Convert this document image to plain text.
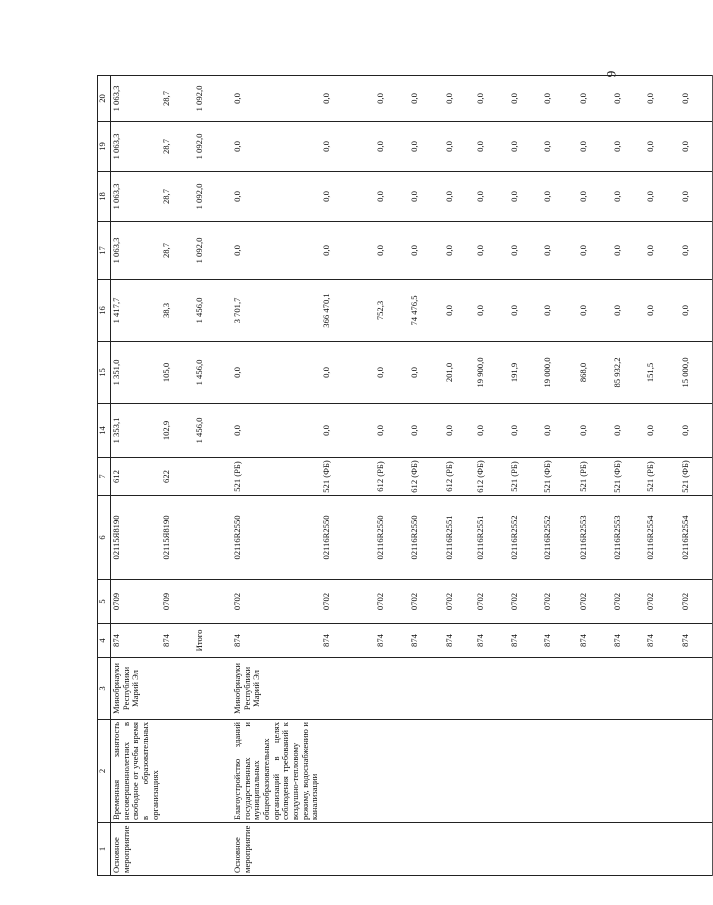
9
1	2	3	4	5	6	7	14	15	16	17	18	19	20
Основное мероприятие	Временная занятость несовершеннолетних в свободное от учебы время в образовательных организациях	Минобрнауки Республики Марий Эл	874	0709	02115Я8190	612	1 353,1	1 351,0	1 417,7	1 063,3	1 063,3	1 063,3	1 063,3
			874	0709	02115Я8190	622	102,9	105,0	38,3	28,7	28,7	28,7	28,7
			Итого				1 456,0	1 456,0	1 456,0	1 092,0	1 092,0	1 092,0	1 092,0
Основное мероприятие	Благоустройство зданий государственных и муниципальных общеобразовательных организаций в целях соблюдения требований к воздушно-тепловому режиму, водоснабжению и канализации	Минобрнауки Республики Марий Эл	874	0702	02116R2550	521 (РБ)	0,0	0,0	3 701,7	0,0	0,0	0,0	0,0
			874	0702	02116R2550	521 (ФБ)	0,0	0,0	366 470,1	0,0	0,0	0,0	0,0
			874	0702	02116R2550	612 (РБ)	0,0	0,0	752,3	0,0	0,0	0,0	0,0
			874	0702	02116R2550	612 (ФБ)	0,0	0,0	74 476,5	0,0	0,0	0,0	0,0
			874	0702	02116R2551	612 (РБ)	0,0	201,0	0,0	0,0	0,0	0,0	0,0
			874	0702	02116R2551	612 (ФБ)	0,0	19 900,0	0,0	0,0	0,0	0,0	0,0
			874	0702	02116R2552	521 (РБ)	0,0	191,9	0,0	0,0	0,0	0,0	0,0
			874	0702	02116R2552	521 (ФБ)	0,0	19 000,0	0,0	0,0	0,0	0,0	0,0
			874	0702	02116R2553	521 (РБ)	0,0	868,0	0,0	0,0	0,0	0,0	0,0
			874	0702	02116R2553	521 (ФБ)	0,0	85 932,2	0,0	0,0	0,0	0,0	0,0
			874	0702	02116R2554	521 (РБ)	0,0	151,5	0,0	0,0	0,0	0,0	0,0
			874	0702	02116R2554	521 (ФБ)	0,0	15 000,0	0,0	0,0	0,0	0,0	0,0
